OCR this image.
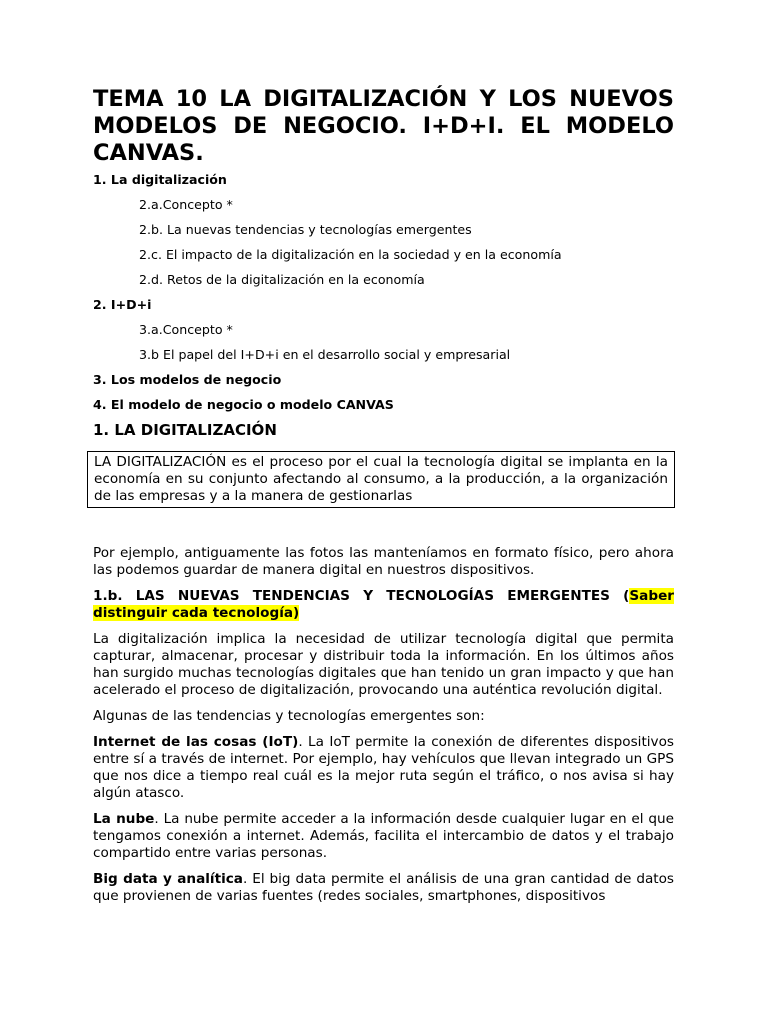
TEMA 10 LA DIGITALIZACIÓN Y LOS NUEVOS MODELOS DE NEGOCIO. I+D+I. EL MODELO CANVAS.
1. La digitalización
2.a.Concepto *
2.b. La nuevas tendencias y tecnologías emergentes
2.c. El impacto de la digitalización en la sociedad y en la economía
2.d. Retos de la digitalización en la economía
2. I+D+i
3.a.Concepto *
3.b El papel del I+D+i en el desarrollo social y empresarial
3. Los modelos de negocio
4. El modelo de negocio o modelo CANVAS
1. LA DIGITALIZACIÓN
LA DIGITALIZACIÓN es el proceso por el cual la tecnología digital se implanta en la economía en su conjunto afectando al consumo, a la producción, a la organización de las empresas y a la manera de gestionarlas

Por ejemplo, antiguamente las fotos las manteníamos en formato físico, pero ahora las podemos guardar de manera digital en nuestros dispositivos.

1.b. LAS NUEVAS TENDENCIAS Y TECNOLOGÍAS EMERGENTES (Saber distinguir cada tecnología)

La digitalización implica la necesidad de utilizar tecnología digital que permita capturar, almacenar, procesar y distribuir toda la información. En los últimos años han surgido muchas tecnologías digitales que han tenido un gran impacto y que han acelerado el proceso de digitalización, provocando una auténtica revolución digital.

Algunas de las tendencias y tecnologías emergentes son:

Internet de las cosas (IoT). La IoT permite la conexión de diferentes dispositivos entre sí a través de internet. Por ejemplo, hay vehículos que llevan integrado un GPS que nos dice a tiempo real cuál es la mejor ruta según el tráfico, o nos avisa si hay algún atasco.

La nube. La nube permite acceder a la información desde cualquier lugar en el que tengamos conexión a internet. Además, facilita el intercambio de datos y el trabajo compartido entre varias personas.

Big data y analítica. El big data permite el análisis de una gran cantidad de datos que provienen de varias fuentes (redes sociales, smartphones, dispositivos
